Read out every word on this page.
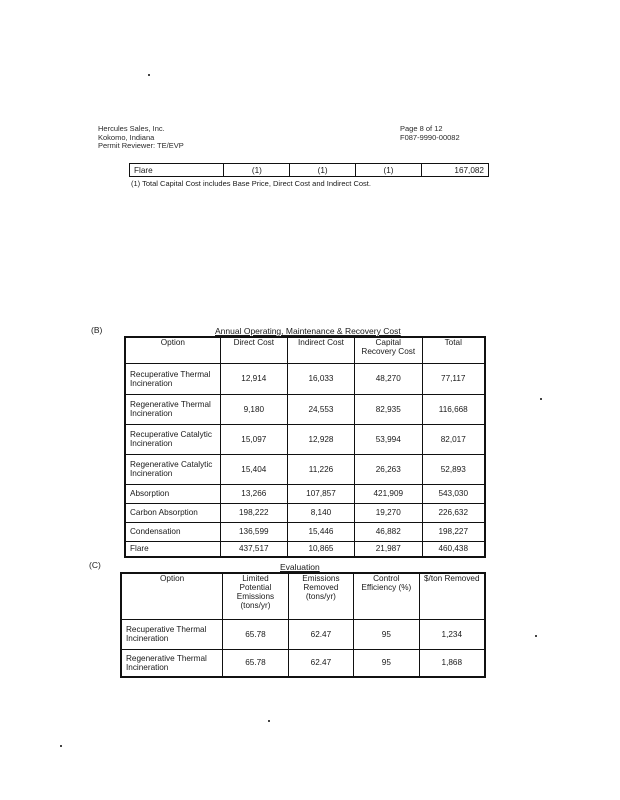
Hercules Sales, Inc.
Kokomo, Indiana
Permit Reviewer: TE/EVP
Page 8 of 12
F087-9990-00082
Flare	(1)	(1)	(1)	167,082
(1) Total Capital Cost includes Base Price, Direct Cost and Indirect Cost.
(B)	Annual Operating, Maintenance & Recovery Cost
Option	Direct Cost	Indirect Cost	Capital Recovery Cost	Total
Recuperative Thermal Incineration	12,914	16,033	48,270	77,117
Regenerative Thermal Incineration	9,180	24,553	82,935	116,668
Recuperative Catalytic Incineration	15,097	12,928	53,994	82,017
Regenerative Catalytic Incineration	15,404	11,226	26,263	52,893
Absorption	13,266	107,857	421,909	543,030
Carbon Absorption	198,222	8,140	19,270	226,632
Condensation	136,599	15,446	46,882	198,227
Flare	437,517	10,865	21,987	460,438
(C)	Evaluation
Option	Limited Potential Emissions (tons/yr)	Emissions Removed (tons/yr)	Control Efficiency (%)	$/ton Removed
Recuperative Thermal Incineration	65.78	62.47	95	1,234
Regenerative Thermal Incineration	65.78	62.47	95	1,868
